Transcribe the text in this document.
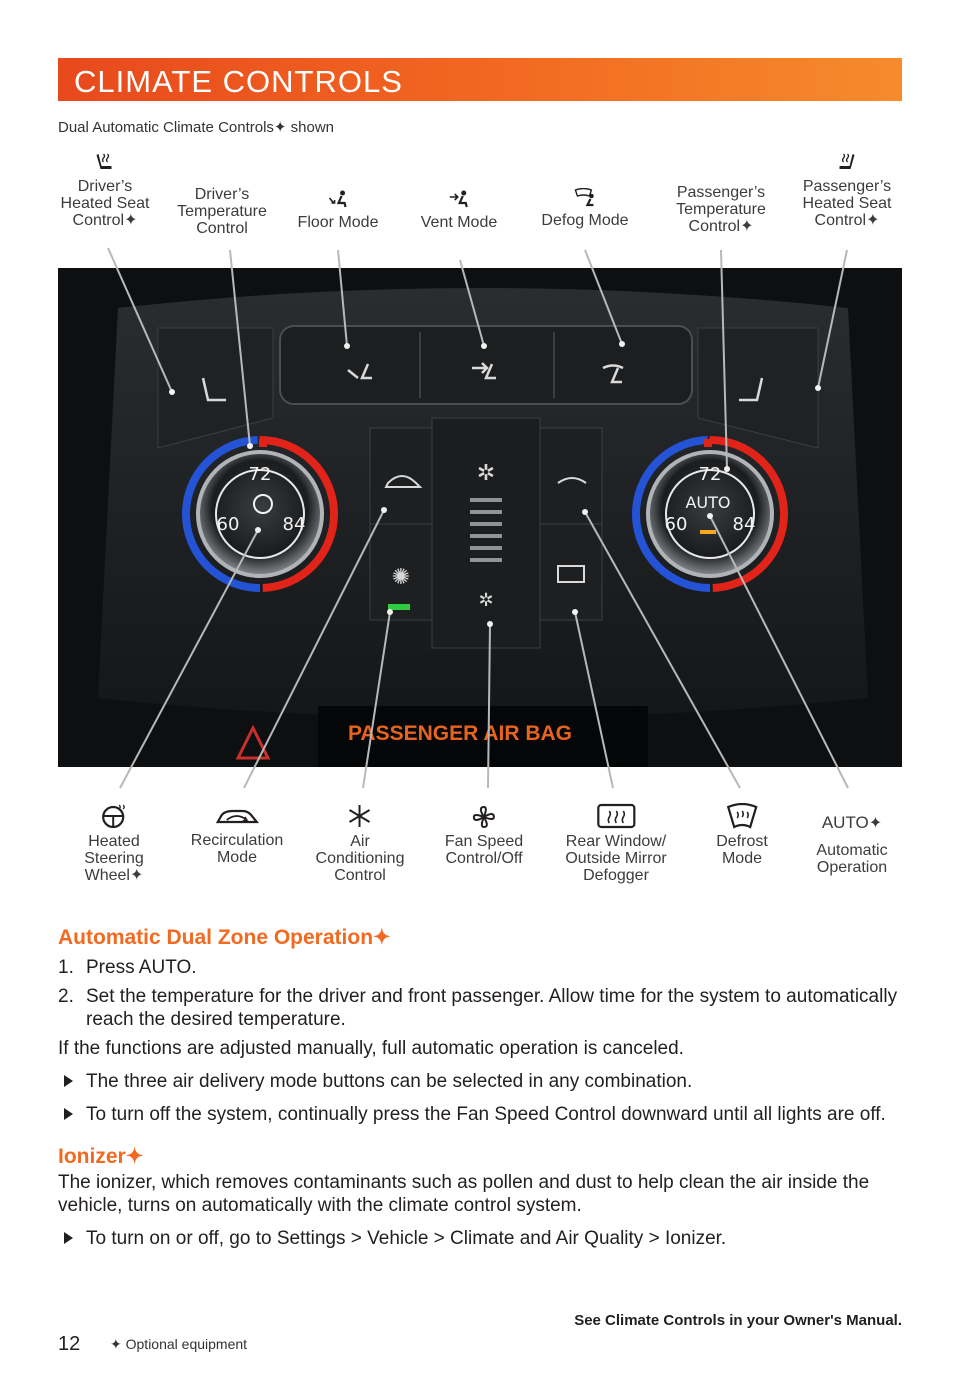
CLIMATE CONTROLS
Dual Automatic Climate Controls✦ shown
Driver’s
Heated Seat
Control✦
Driver’s
Temperature
Control	Floor Mode	Vent Mode	Defog Mode
Passenger’s
Temperature
Control✦
Passenger’s
Heated Seat
Control✦
✲
✲
✺
72
60 84
72
AUTO
60	84
PASSENGER AIR BAG
Heated
Steering
Wheel✦
Recirculation
Mode
Air
Conditioning
Control
Fan Speed
Control/Off
Rear Window/
Outside Mirror
Defogger
Defrost
Mode
AUTO✦

Automatic
Operation
Automatic Dual Zone Operation✦
1. Press AUTO.
2. Set the temperature for the driver and front passenger. Allow time for the system to automatically reach the desired temperature.

If the functions are adjusted manually, full automatic operation is canceled.

The three air delivery mode buttons can be selected in any combination.
To turn off the system, continually press the Fan Speed Control downward until all lights are off.
Ionizer✦

The ionizer, which removes contaminants such as pollen and dust to help clean the air inside the vehicle, turns on automatically with the climate control system.

To turn on or off, go to Settings > Vehicle > Climate and Air Quality > Ionizer.
See Climate Controls in your Owner's Manual.
12 ✦ Optional equipment
